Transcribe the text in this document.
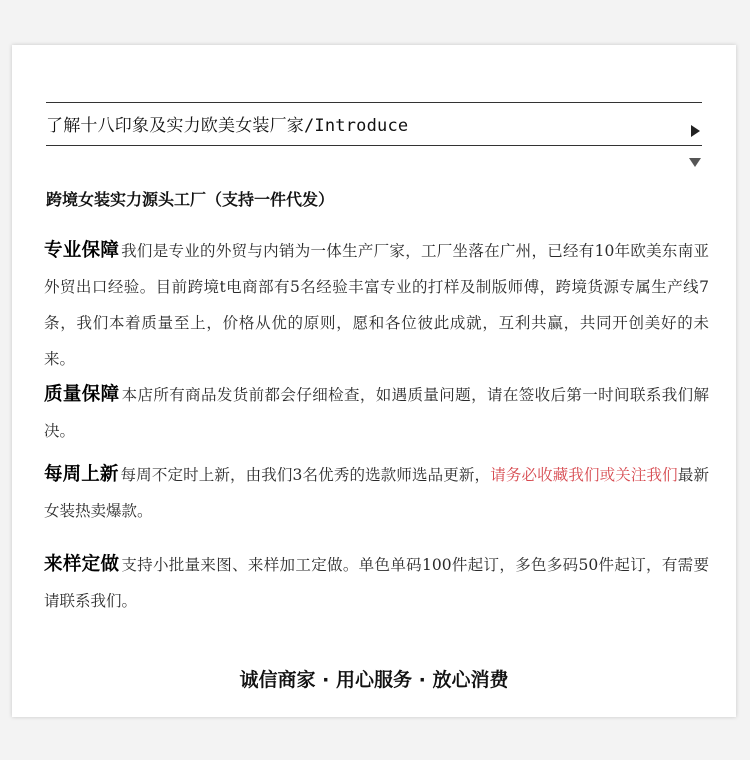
了解十八印象及实力欧美女装厂家/Introduce
跨境女装实力源头工厂（支持一件代发）
专业保障 我们是专业的外贸与内销为一体生产厂家，工厂坐落在广州，已经有10年欧美东南亚外贸出口经验。目前跨境t电商部有5名经验丰富专业的打样及制版师傅，跨境货源专属生产线7条，我们本着质量至上，价格从优的原则，愿和各位彼此成就，互利共赢，共同开创美好的未来。
质量保障 本店所有商品发货前都会仔细检查，如遇质量问题，请在签收后第一时间联系我们解决。
每周上新 每周不定时上新，由我们3名优秀的选款师选品更新，请务必收藏我们或关注我们最新女装热卖爆款。
来样定做 支持小批量来图、来样加工定做。单色单码100件起订，多色多码50件起订，有需要请联系我们。
诚信商家 · 用心服务 · 放心消费
